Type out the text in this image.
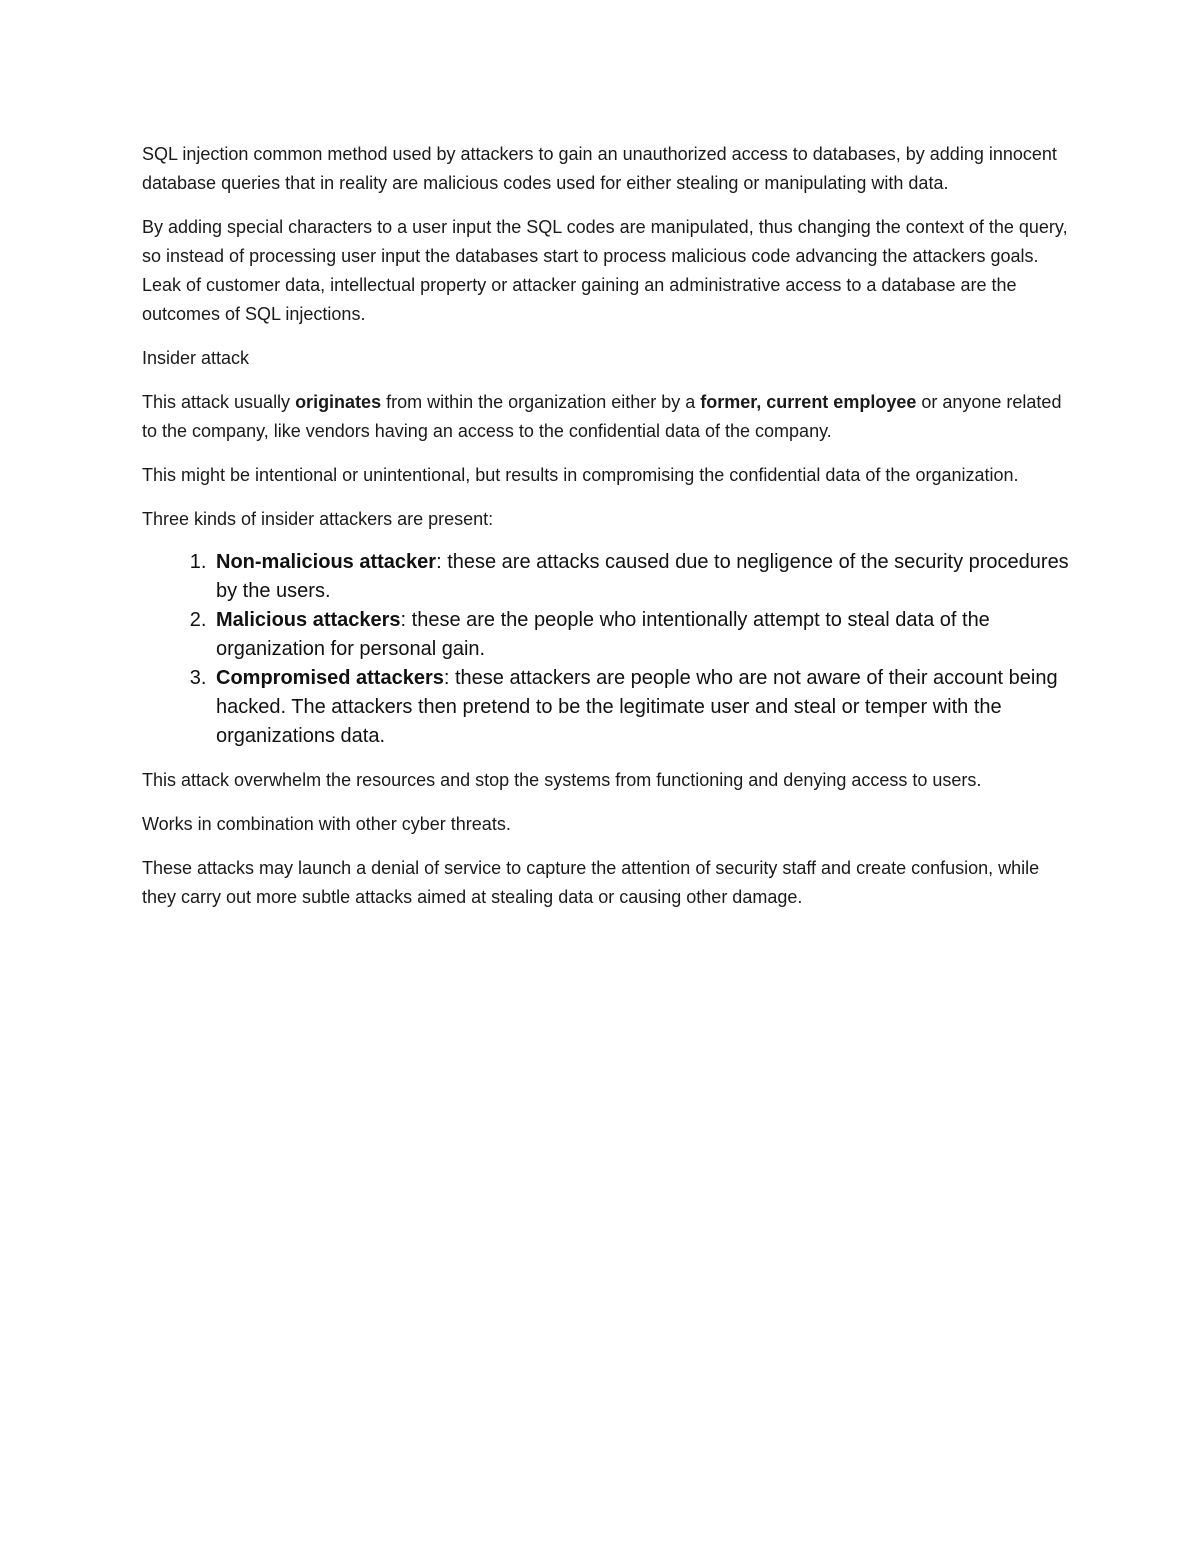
SQL injection common method used by attackers to gain an unauthorized access to databases, by adding innocent database queries that in reality are malicious codes used for either stealing or manipulating with data.

By adding special characters to a user input the SQL codes are manipulated, thus changing the context of the query, so instead of processing user input the databases start to process malicious code advancing the attackers goals. Leak of customer data, intellectual property or attacker gaining an administrative access to a database are the outcomes of SQL injections.

Insider attack

This attack usually originates from within the organization either by a former, current employee or anyone related to the company, like vendors having an access to the confidential data of the company.

This might be intentional or unintentional, but results in compromising the confidential data of the organization.

Three kinds of insider attackers are present:

1. Non-malicious attacker: these are attacks caused due to negligence of the security procedures by the users.
2. Malicious attackers: these are the people who intentionally attempt to steal data of the organization for personal gain.
3. Compromised attackers: these attackers are people who are not aware of their account being hacked. The attackers then pretend to be the legitimate user and steal or temper with the organizations data.

This attack overwhelm the resources and stop the systems from functioning and denying access to users.

Works in combination with other cyber threats.

These attacks may launch a denial of service to capture the attention of security staff and create confusion, while they carry out more subtle attacks aimed at stealing data or causing other damage.
